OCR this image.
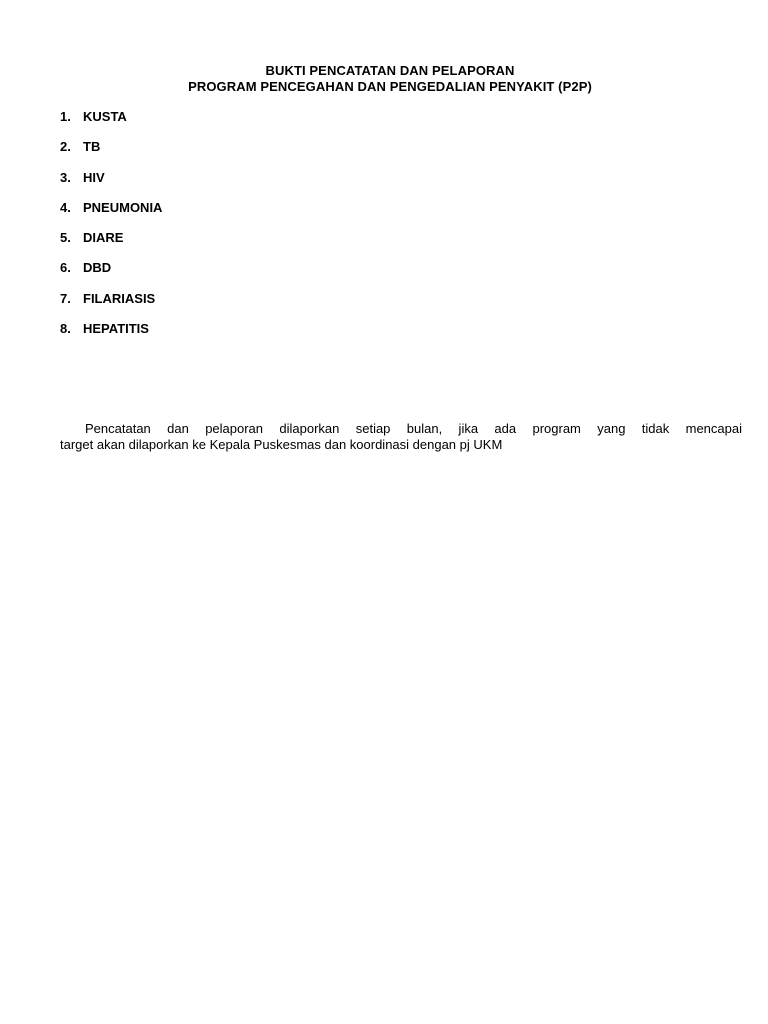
BUKTI PENCATATAN DAN PELAPORAN
PROGRAM PENCEGAHAN DAN PENGEDALIAN PENYAKIT (P2P)
1. KUSTA
2. TB
3. HIV
4. PNEUMONIA
5. DIARE
6. DBD
7. FILARIASIS
8. HEPATITIS
Pencatatan dan pelaporan dilaporkan setiap bulan, jika ada program yang tidak mencapai
target akan dilaporkan ke Kepala Puskesmas dan koordinasi dengan pj UKM
